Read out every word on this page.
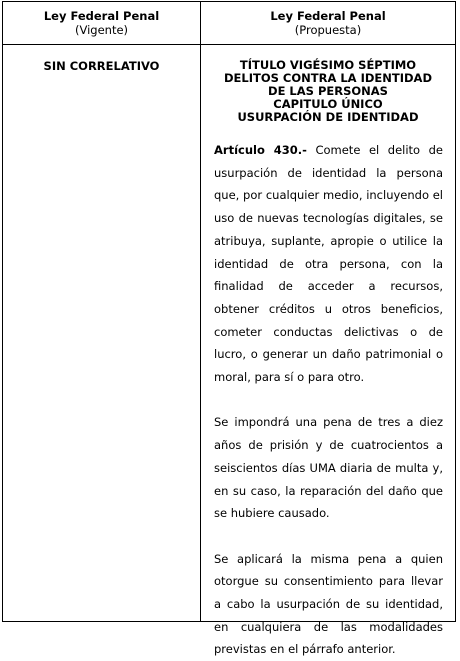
Ley Federal Penal
(Vigente)
Ley Federal Penal
(Propuesta)
SIN CORRELATIVO	TÍTULO VIGÉSIMO SÉPTIMO
DELITOS CONTRA LA IDENTIDAD DE LAS PERSONAS
CAPITULO ÚNICO
USURPACIÓN DE IDENTIDAD

Artículo 430.- Comete el delito de usurpación de identidad la persona que, por cualquier medio, incluyendo el uso de nuevas tecnologías digitales, se atribuya, suplante, apropie o utilice la identidad de otra persona, con la finalidad de acceder a recursos, obtener créditos u otros beneficios, cometer conductas delictivas o de lucro, o generar un daño patrimonial o moral, para sí o para otro.

Se impondrá una pena de tres a diez años de prisión y de cuatrocientos a seiscientos días UMA diaria de multa y, en su caso, la reparación del daño que se hubiere causado.

Se aplicará la misma pena a quien otorgue su consentimiento para llevar a cabo la usurpación de su identidad, en cualquiera de las modalidades previstas en el párrafo anterior.
